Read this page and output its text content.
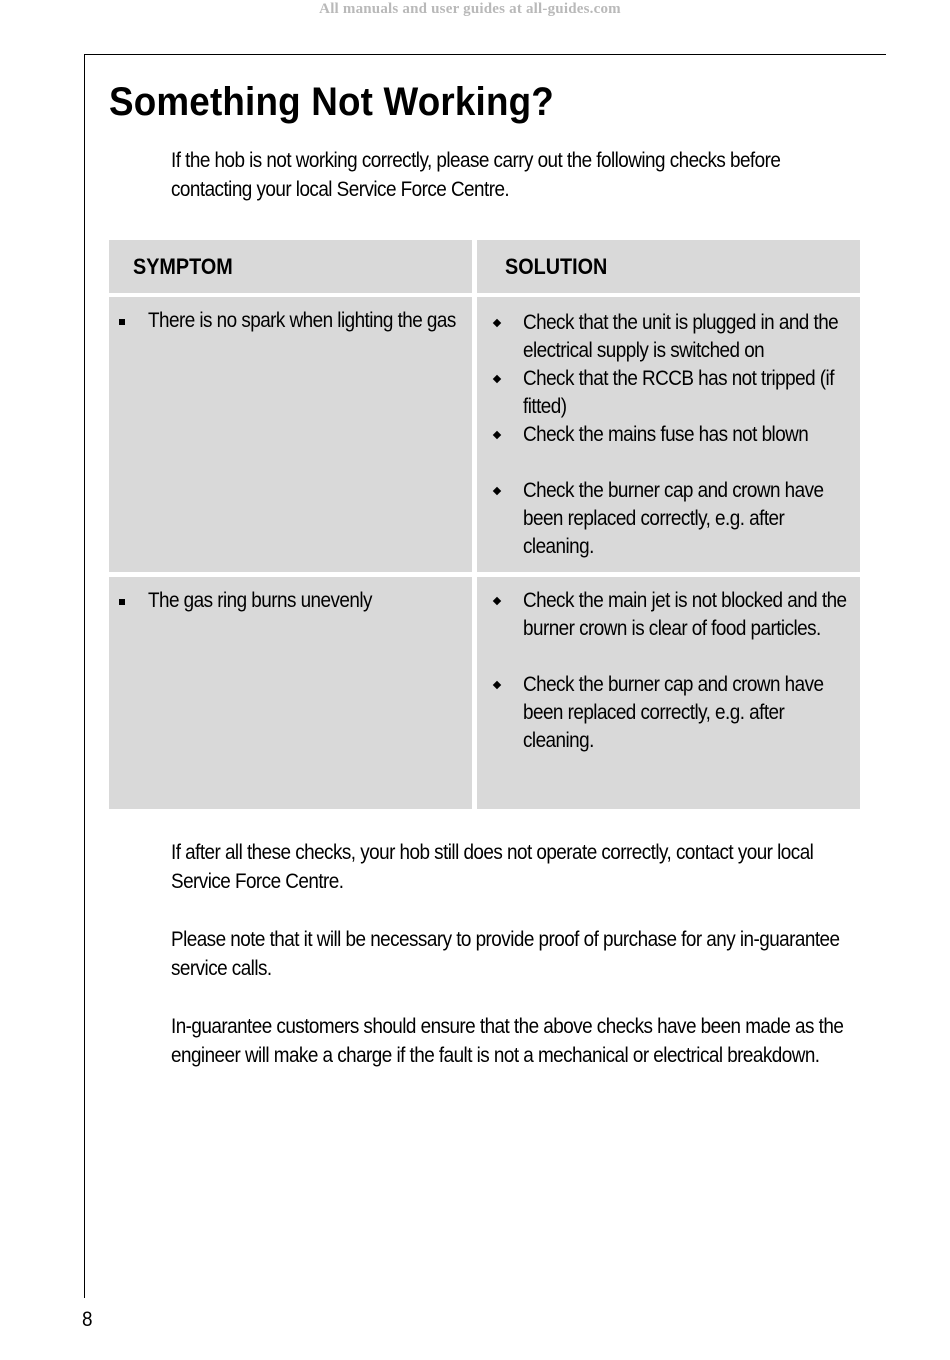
All manuals and user guides at all-guides.com
Something Not Working?

If the hob is not working correctly, please carry out the following checks before contacting your local Service Force Centre.

SYMPTOM	SOLUTION
There is no spark when lighting the gas	Check that the unit is plugged in and the electrical supply is switched on
Check that the RCCB has not tripped (if fitted)
Check the mains fuse has not blown
Check the burner cap and crown have been replaced correctly, e.g. after cleaning.
The gas ring burns unevenly	Check the main jet is not blocked and the burner crown is clear of food particles.
Check the burner cap and crown have been replaced correctly, e.g. after cleaning.

If after all these checks, your hob still does not operate correctly, contact your local Service Force Centre.

Please note that it will be necessary to provide proof of purchase for any in-guarantee service calls.

In-guarantee customers should ensure that the above checks have been made as the engineer will make a charge if the fault is not a mechanical or electrical breakdown.

8
